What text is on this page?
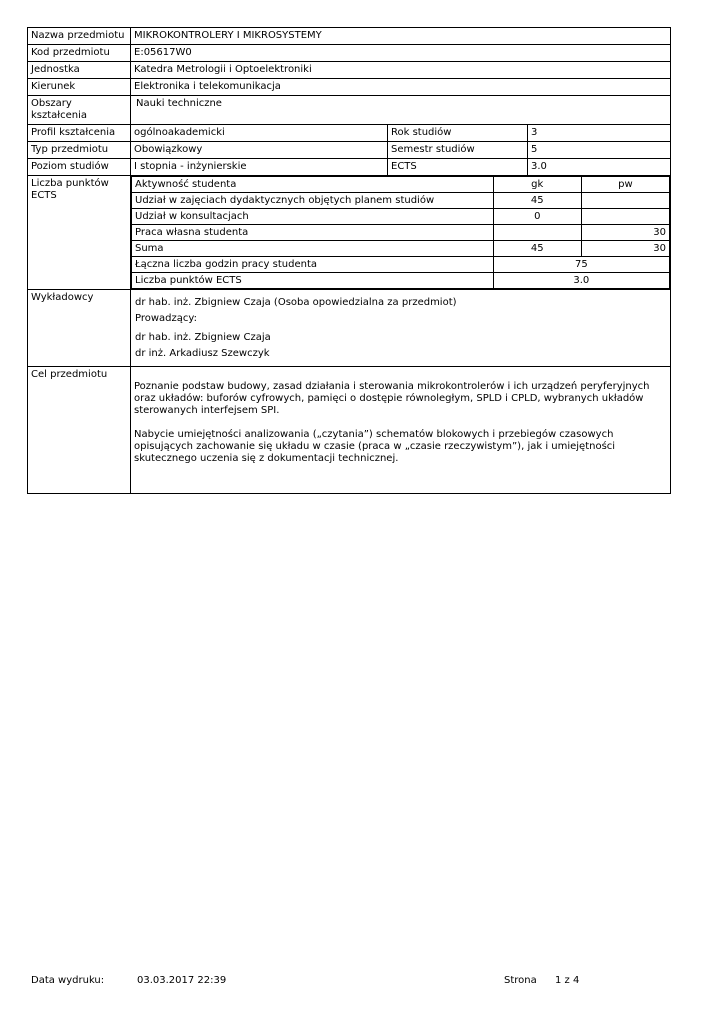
Nazwa przedmiotu	MIKROKONTROLERY I MIKROSYSTEMY
Kod przedmiotu	E:05617W0
Jednostka	Katedra Metrologii i Optoelektroniki
Kierunek	Elektronika i telekomunikacja
Obszary kształcenia	Nauki techniczne
Profil kształcenia	ogólnoakademicki	Rok studiów	3
Typ przedmiotu	Obowiązkowy	Semestr studiów	5
Poziom studiów	I stopnia - inżynierskie	ECTS	3.0
Liczba punktów ECTS	
Aktywność studenta	gk	pw
Udział w zajęciach dydaktycznych objętych planem studiów	45	
Udział w konsultacjach	0	
Praca własna studenta		30
Suma	45	30
Łączna liczba godzin pracy studenta	75
Liczba punktów ECTS	3.0

Wykładowcy	dr hab. inż. Zbigniew Czaja (Osoba opowiedzialna za przedmiot)

Prowadzący:

dr hab. inż. Zbigniew Czaja

dr inż. Arkadiusz Szewczyk

Cel przedmiotu	
Poznanie podstaw budowy, zasad działania i sterowania mikrokontrolerów i ich urządzeń peryferyjnych oraz układów: buforów cyfrowych, pamięci o dostępie równoległym, SPLD i CPLD, wybranych układów sterowanych interfejsem SPI.
Nabycie umiejętności analizowania („czytania”) schematów blokowych i przebiegów czasowych opisujących zachowanie się układu w czasie (praca w „czasie rzeczywistym”), jak i umiejętności skutecznego uczenia się z dokumentacji technicznej.
Data wydruku:	03.03.2017 22:39	Strona 1 z 4
